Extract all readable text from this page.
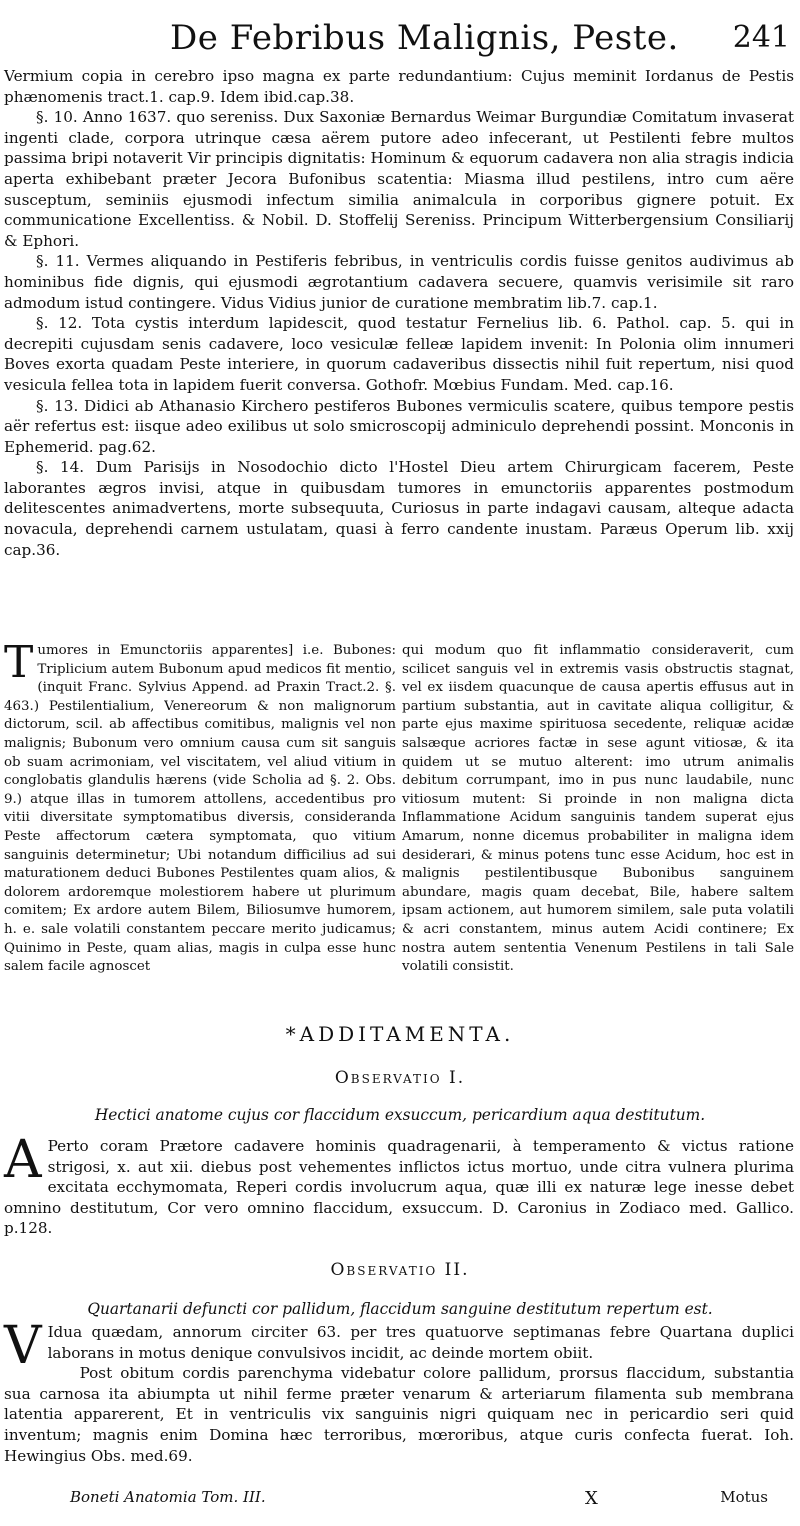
De Febribus Malignis, Peste. 241

Vermium copia in cerebro ipso magna ex parte redundantium: Cujus meminit Iordanus de Pestis phænomenis tract.1. cap.9. Idem ibid.cap.38.

§. 10. Anno 1637. quo sereniss. Dux Saxoniæ Bernardus Weimar Burgundiæ Comitatum invaserat ingenti clade, corpora utrinque cæsa aërem putore adeo infecerant, ut Pestilenti febre multos passima bripi notaverit Vir principis dignitatis: Hominum & equorum cadavera non alia stragis indicia aperta exhibebant præter Jecora Bufonibus scatentia: Miasma illud pestilens, intro cum aëre susceptum, seminiis ejusmodi infectum similia animalcula in corporibus gignere potuit. Ex communicatione Excellentiss. & Nobil. D. Stoffelij Sereniss. Principum Witterbergensium Consiliarij & Ephori.

§. 11. Vermes aliquando in Pestiferis febribus, in ventriculis cordis fuisse genitos audivimus ab hominibus fide dignis, qui ejusmodi ægrotantium cadavera secuere, quamvis verisimile sit raro admodum istud contingere. Vidus Vidius junior de curatione membratim lib.7. cap.1.

§. 12. Tota cystis interdum lapidescit, quod testatur Fernelius lib. 6. Pathol. cap. 5. qui in decrepiti cujusdam senis cadavere, loco vesiculæ felleæ lapidem invenit: In Polonia olim innumeri Boves exorta quadam Peste interiere, in quorum cadaveribus dissectis nihil fuit repertum, nisi quod vesicula fellea tota in lapidem fuerit conversa. Gothofr. Mœbius Fundam. Med. cap.16.

§. 13. Didici ab Athanasio Kirchero pestiferos Bubones vermiculis scatere, quibus tempore pestis aër refertus est: iisque adeo exilibus ut solo smicroscopij adminiculo deprehendi possint. Monconis in Ephemerid. pag.62.

§. 14. Dum Parisijs in Nosodochio dicto l'Hostel Dieu artem Chirurgicam facerem, Peste laborantes ægros invisi, atque in quibusdam tumores in emunctoriis apparentes postmodum delitescentes animadvertens, morte subsequuta, Curiosus in parte indagavi causam, alteque adacta novacula, deprehendi carnem ustulatam, quasi à ferro candente inustam. Paræus Operum lib. xxij cap.36.

Tumores in Emunctoriis apparentes] i.e. Bubones: Triplicium autem Bubonum apud medicos fit mentio, (inquit Franc. Sylvius Append. ad Praxin Tract.2. §. 463.) Pestilentialium, Venereorum & non malignorum dictorum, scil. ab affectibus comitibus, malignis vel non malignis; Bubonum vero omnium causa cum sit sanguis ob suam acrimoniam, vel viscitatem, vel aliud vitium in conglobatis glandulis hærens (vide Scholia ad §. 2. Obs. 9.) atque illas in tumorem attollens, accedentibus pro vitii diversitate symptomatibus diversis, consideranda Peste affectorum cætera symptomata, quo vitium sanguinis determinetur; Ubi notandum difficilius ad sui maturationem deduci Bubones Pestilentes quam alios, & dolorem ardoremque molestiorem habere ut plurimum comitem; Ex ardore autem Bilem, Biliosumve humorem, h. e. sale volatili constantem peccare merito judicamus; Quinimo in Peste, quam alias, magis in culpa esse hunc salem facile agnoscet
qui modum quo fit inflammatio consideraverit, cum scilicet sanguis vel in extremis vasis obstructis stagnat, vel ex iisdem quacunque de causa apertis effusus aut in partium substantia, aut in cavitate aliqua colligitur, & parte ejus maxime spirituosa secedente, reliquæ acidæ salsæque acriores factæ in sese agunt vitiosæ, & ita quidem ut se mutuo alterent: imo utrum animalis debitum corrumpant, imo in pus nunc laudabile, nunc vitiosum mutent: Si proinde in non maligna dicta Inflammatione Acidum sanguinis tandem superat ejus Amarum, nonne dicemus probabiliter in maligna idem desiderari, & minus potens tunc esse Acidum, hoc est in malignis pestilentibusque Bubonibus sanguinem abundare, magis quam decebat, Bile, habere saltem ipsam actionem, aut humorem similem, sale puta volatili & acri constantem, minus autem Acidi continere; Ex nostra autem sententia Venenum Pestilens in tali Sale volatili consistit.
*ADDITAMENTA.
Observatio I.
Hectici anatome cujus cor flaccidum exsuccum, pericardium aqua destitutum.
A Perto coram Prætore cadavere hominis quadragenarii, à temperamento & victus ratione strigosi, x. aut xii. diebus post vehementes inflictos ictus mortuo, unde citra vulnera plurima excitata ecchymomata, Reperi cordis involucrum aqua, quæ illi ex naturæ lege inesse debet omnino destitutum, Cor vero omnino flaccidum, exsuccum. D. Caronius in Zodiaco med. Gallico. p.128.
Observatio II.
Quartanarii defuncti cor pallidum, flaccidum sanguine destitutum repertum est.
V Idua quædam, annorum circiter 63. per tres quatuorve septimanas febre Quartana duplici laborans in motus denique convulsivos incidit, ac deinde mortem obiit.

Post obitum cordis parenchyma videbatur colore pallidum, prorsus flaccidum, substantia sua carnosa ita abiumpta ut nihil ferme præter venarum & arteriarum filamenta sub membrana latentia apparerent, Et in ventriculis vix sanguinis nigri quiquam nec in pericardio seri quid inventum; magnis enim Domina hæc terroribus, mœroribus, atque curis confecta fuerat. Ioh. Hewingius Obs. med.69.

Boneti Anatomia Tom. III.	X	Motus
